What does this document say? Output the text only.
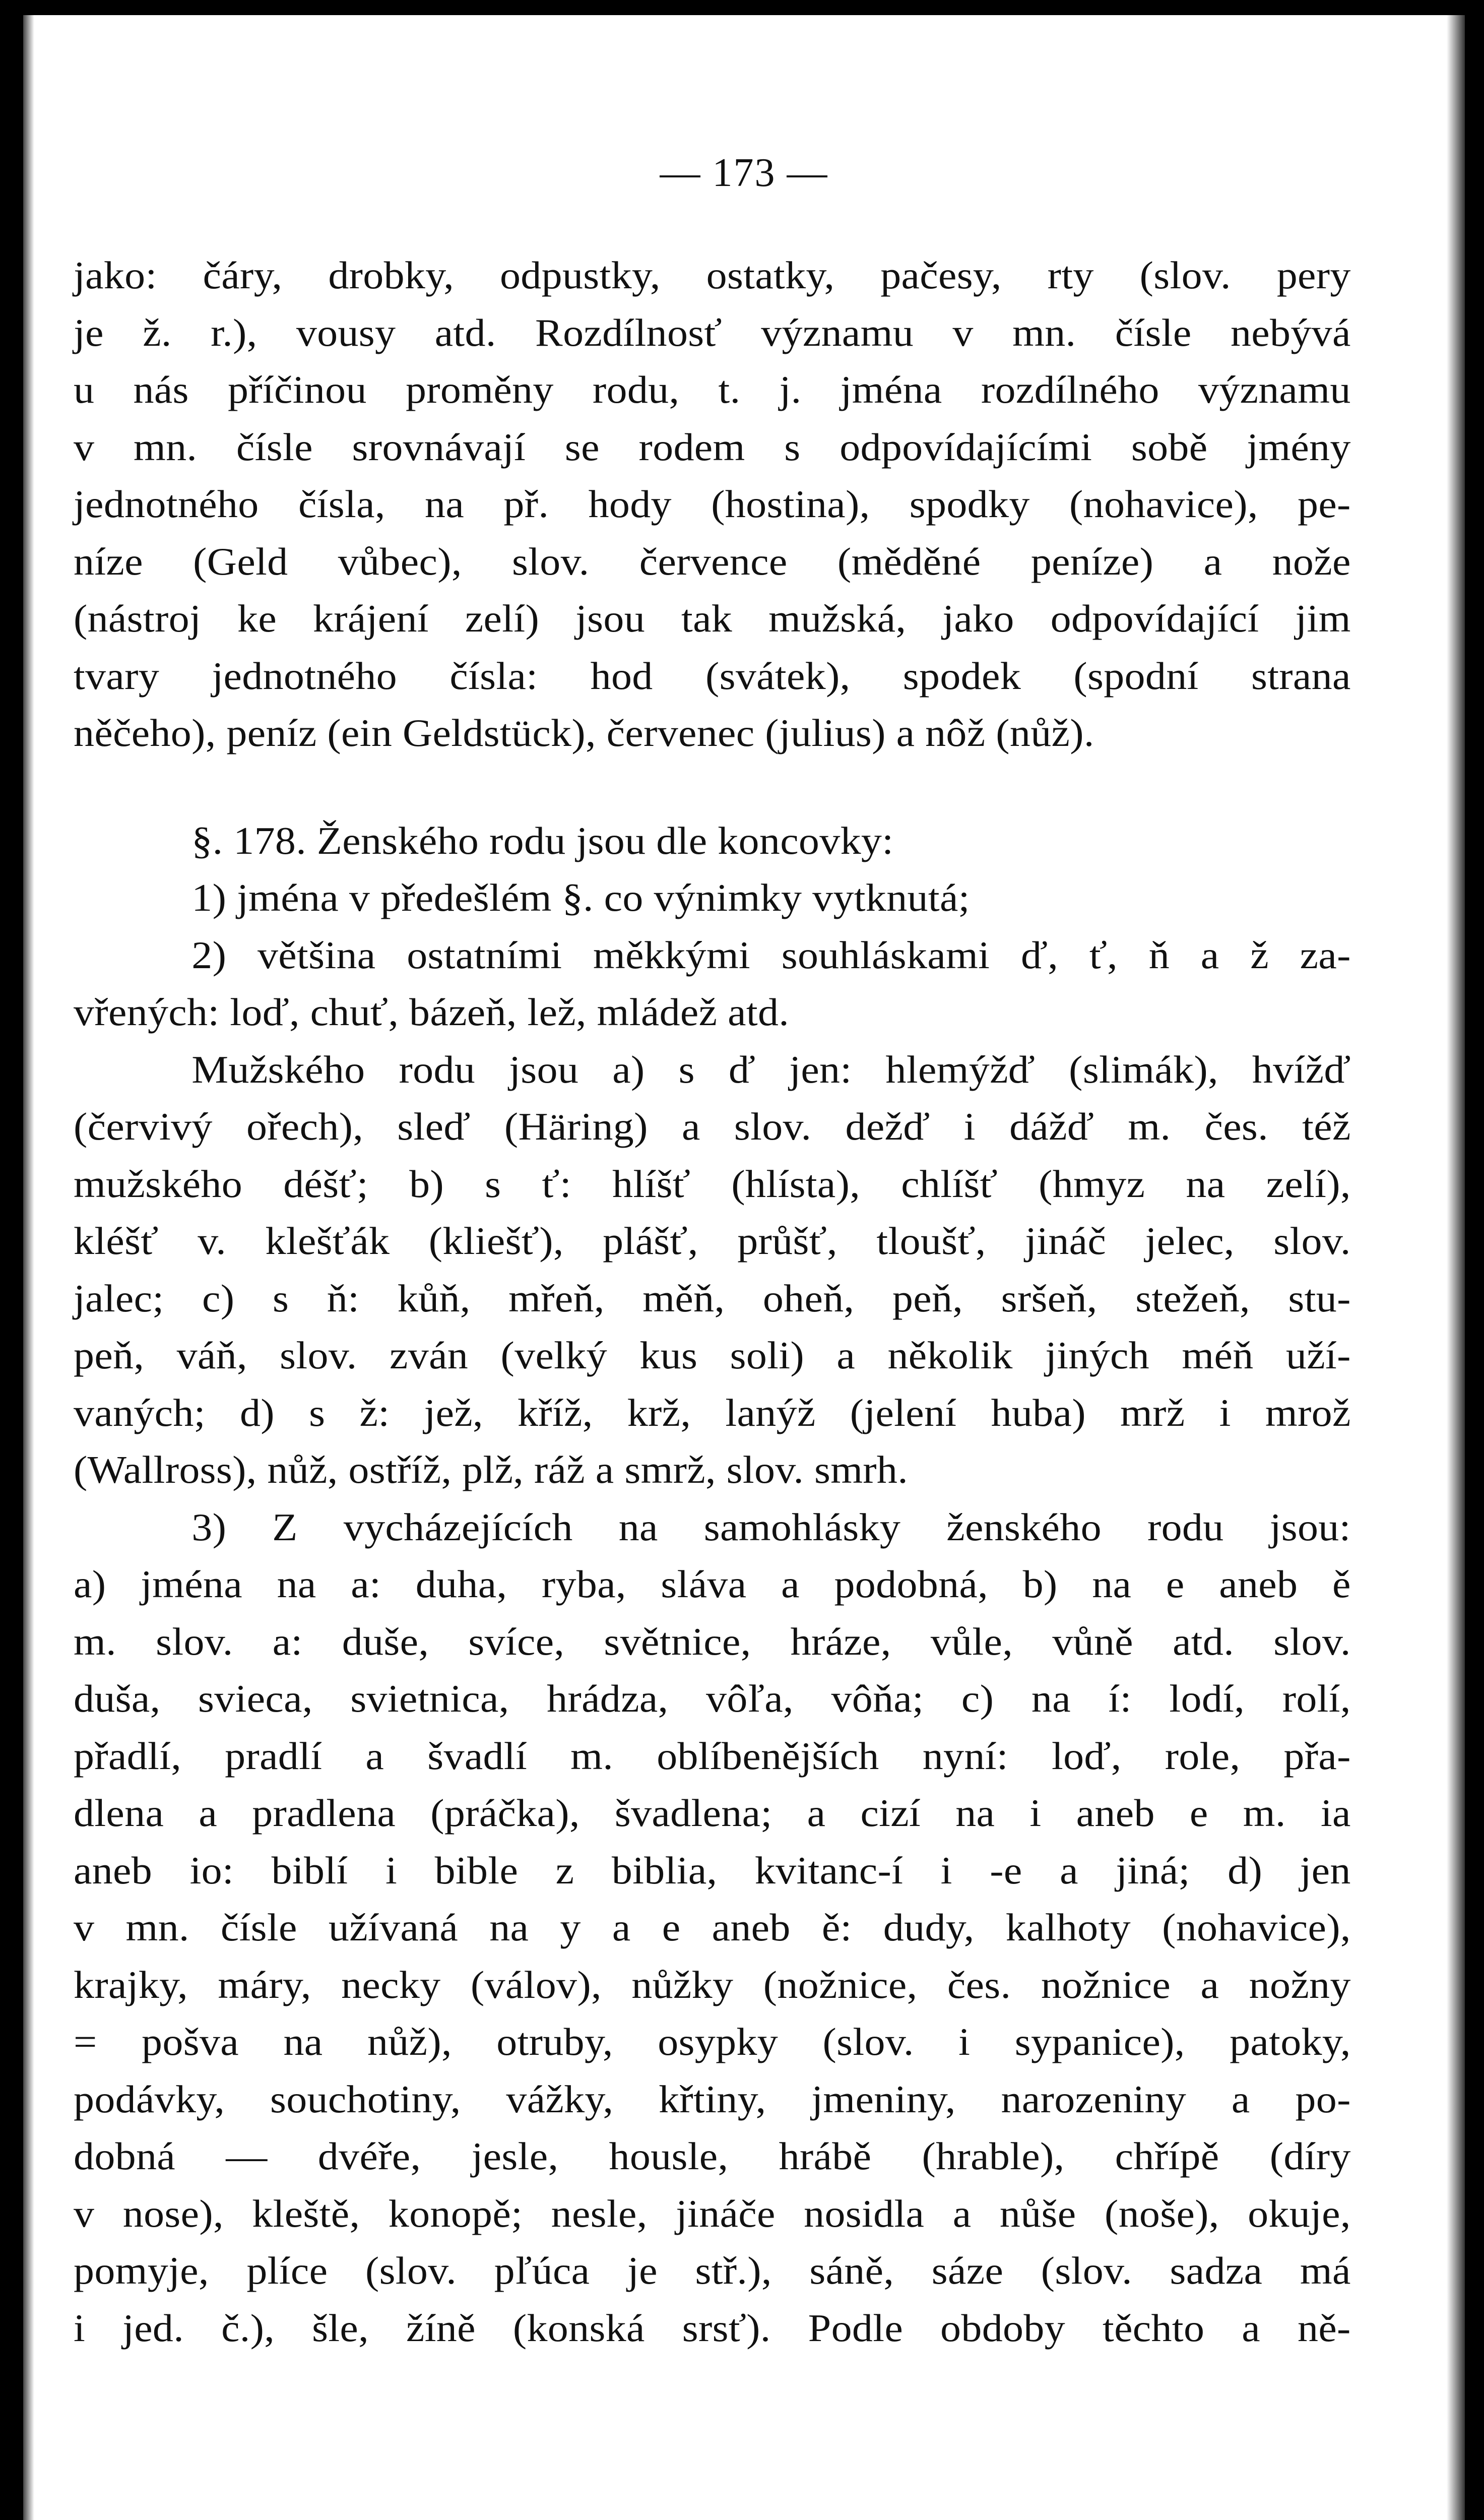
— 173 —
jako: čáry, drobky, odpustky, ostatky, pačesy, rty (slov. pery
je ž. r.), vousy atd. Rozdílnosť významu v mn. čísle nebývá
u nás příčinou proměny rodu, t. j. jména rozdílného významu
v mn. čísle srovnávají se rodem s odpovídajícími sobě jmény
jednotného čísla, na př. hody (hostina), spodky (nohavice), pe-
níze (Geld vůbec), slov. července (měděné peníze) a nože
(nástroj ke krájení zelí) jsou tak mužská, jako odpovídající jim
tvary jednotného čísla: hod (svátek), spodek (spodní strana
něčeho), peníz (ein Geldstück), červenec (julius) a nôž (nůž).
§. 178. Ženského rodu jsou dle koncovky:
1) jména v předešlém §. co výnimky vytknutá;
2) většina ostatními měkkými souhláskami ď, ť, ň a ž za-
vřených: loď, chuť, bázeň, lež, mládež atd.
Mužského rodu jsou a) s ď jen: hlemýžď (slimák), hvížď
(červivý ořech), sleď (Häring) a slov. dežď i dážď m. čes. též
mužského déšť; b) s ť: hlíšť (hlísta), chlíšť (hmyz na zelí),
kléšť v. klešťák (kliešť), plášť, průšť, tloušť, jináč jelec, slov.
jalec; c) s ň: kůň, mřeň, měň, oheň, peň, sršeň, stežeň, stu-
peň, váň, slov. zván (velký kus soli) a několik jiných méň uží-
vaných; d) s ž: jež, kříž, krž, lanýž (jelení huba) mrž i mrož
(Wallross), nůž, ostříž, plž, ráž a smrž, slov. smrh.
3) Z vycházejících na samohlásky ženského rodu jsou:
a) jména na a: duha, ryba, sláva a podobná, b) na e aneb ě
m. slov. a: duše, svíce, světnice, hráze, vůle, vůně atd. slov.
duša, sviеca, svietnica, hrádza, vôľa, vôňa; c) na í: lodí, rolí,
přadlí, pradlí a švadlí m. oblíbenějších nyní: loď, role, přa-
dlena a pradlena (práčka), švadlena; a cizí na i aneb e m. ia
aneb io: biblí i bible z biblia, kvitanc-í i -e a jiná; d) jen
v mn. čísle užívaná na y a e aneb ě: dudy, kalhoty (nohavice),
krajky, máry, necky (válov), nůžky (nožnice, čes. nožnice a nožny
= pošva na nůž), otruby, osypky (slov. i sypanice), patoky,
podávky, souchotiny, vážky, křtiny, jmeniny, narozeniny a po-
dobná — dvéře, jesle, housle, hrábě (hrable), chřípě (díry
v nose), kleště, konopě; nesle, jináče nosidla a nůše (noše), okuje,
pomyje, plíce (slov. pľúca je stř.), sáně, sáze (slov. sadza má
i jed. č.), šle, žíně (konská srsť). Podle obdoby těchto a ně-
